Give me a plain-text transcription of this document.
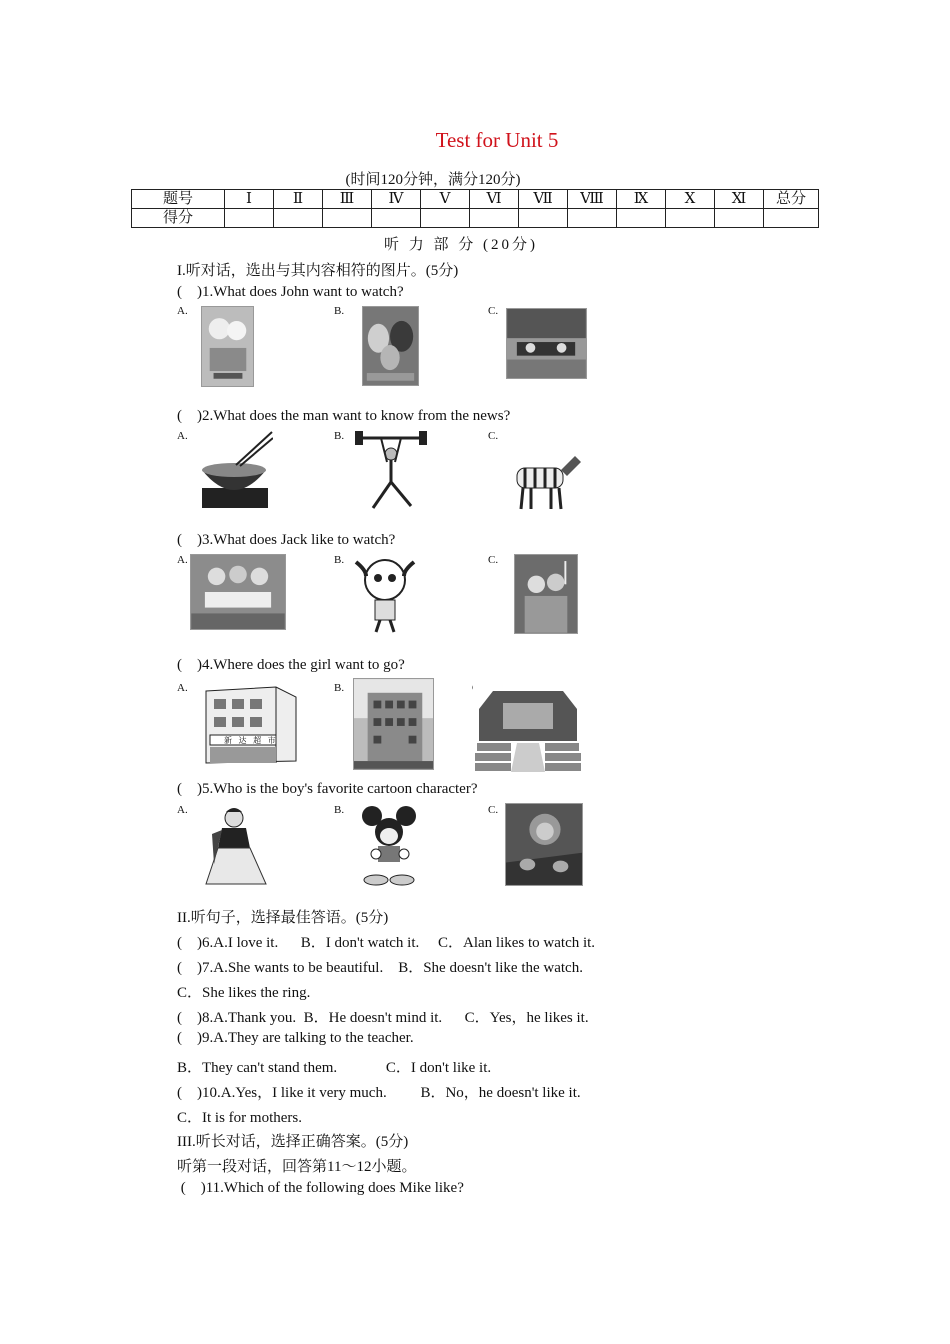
Test for Unit 5
(时间120分钟，满分120分)
题号	Ⅰ	Ⅱ	Ⅲ	Ⅳ	Ⅴ	Ⅵ	Ⅶ	Ⅷ	Ⅸ	Ⅹ	Ⅺ	总分
得分												
听 力 部 分 (20分)
I.听对话，选出与其内容相符的图片。(5分)
(    )1.What does John want to watch?
A.	B.	C.
(    )2.What does the man want to know from the news?
A.	B.	C.
(    )3.What does Jack like to watch?
A.	B.	C.
(    )4.Where does the girl want to go?
A.	B.
新 达 超 市
(    )5.Who is the boy's favorite cartoon character?
A.	B.	C.
II.听句子，选择最佳答语。(5分)
(    )6.A.I love it.      B．I don't watch it.     C．Alan likes to watch it.
(    )7.A.She wants to be beautiful.    B．She doesn't like the watch.
C．She likes the ring.
(    )8.A.Thank you.  B．He doesn't mind it.      C．Yes，he likes it.
(    )9.A.They are talking to the teacher.
B．They can't stand them.             C．I don't like it.
(    )10.A.Yes，I like it very much.         B．No，he doesn't like it.
C．It is for mothers.
III.听长对话，选择正确答案。(5分)
听第一段对话，回答第11～12小题。
(    )11.Which of the following does Mike like?
